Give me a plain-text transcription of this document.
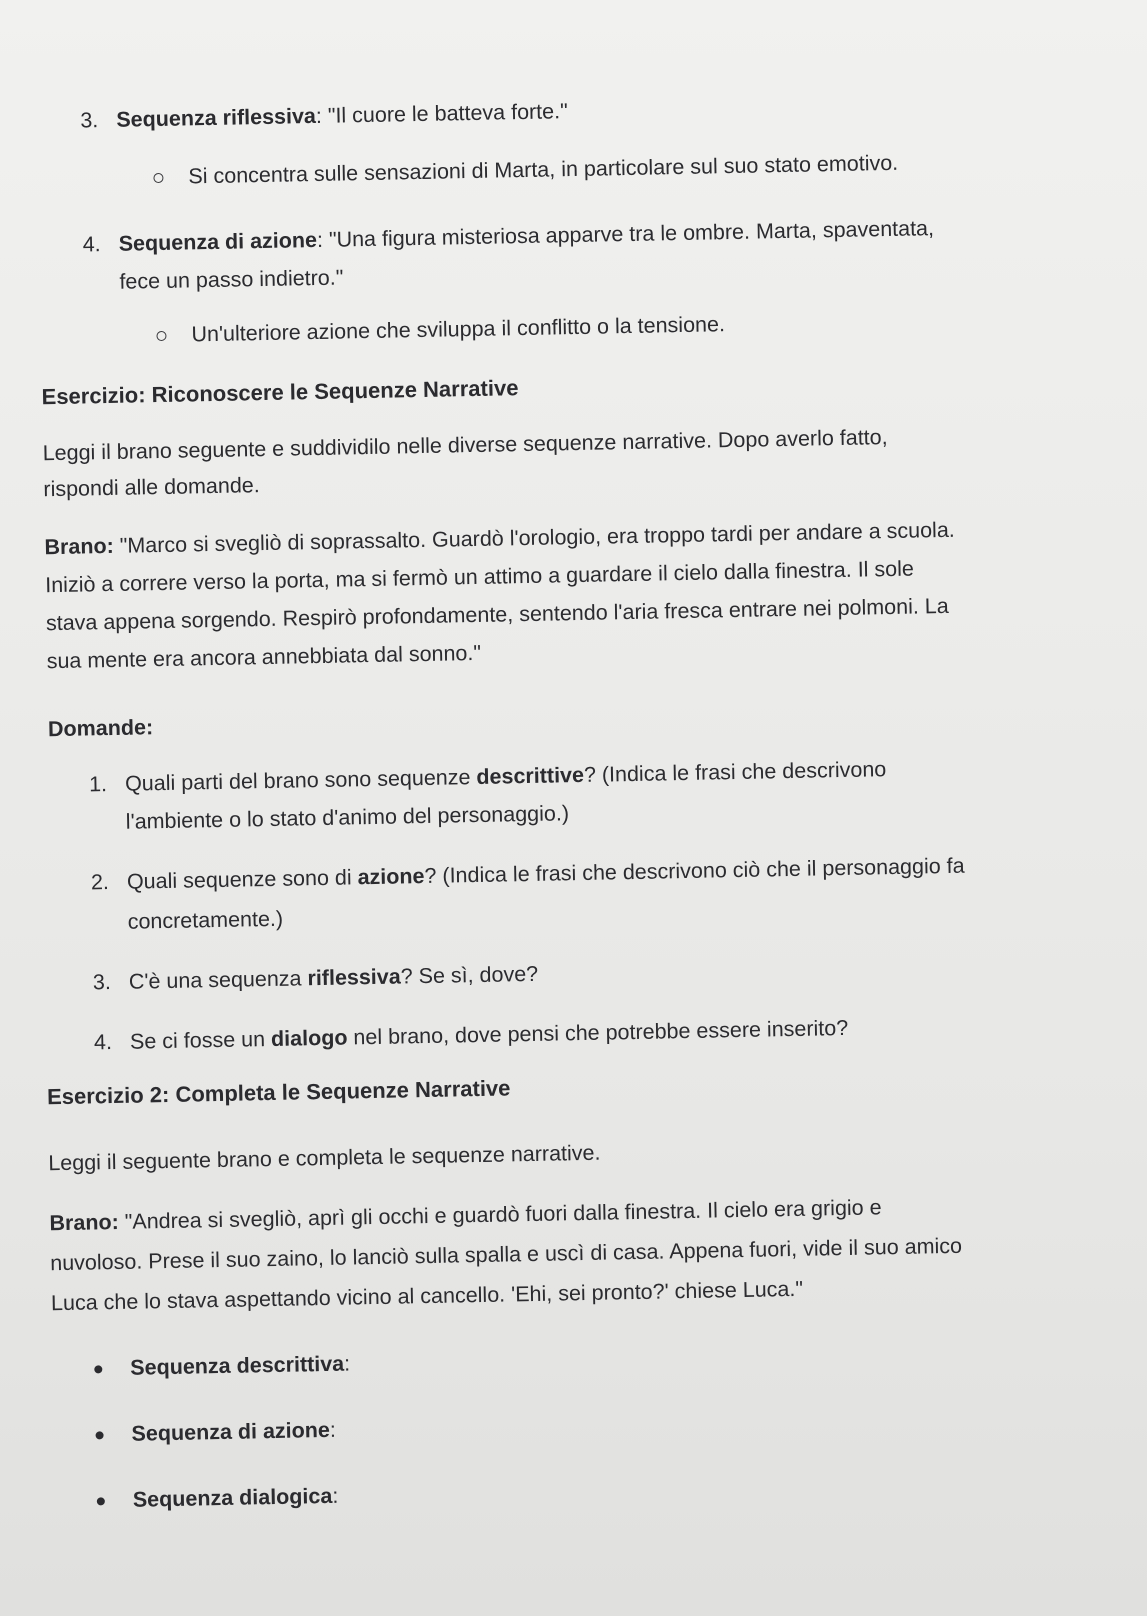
3. Sequenza riflessiva: "Il cuore le batteva forte."
Si concentra sulle sensazioni di Marta, in particolare sul suo stato emotivo.
4. Sequenza di azione: "Una figura misteriosa apparve tra le ombre. Marta, spaventata,
fece un passo indietro."
Un'ulteriore azione che sviluppa il conflitto o la tensione.
Esercizio: Riconoscere le Sequenze Narrative
Leggi il brano seguente e suddividilo nelle diverse sequenze narrative. Dopo averlo fatto,
rispondi alle domande.
Brano: "Marco si svegliò di soprassalto. Guardò l'orologio, era troppo tardi per andare a scuola.
Iniziò a correre verso la porta, ma si fermò un attimo a guardare il cielo dalla finestra. Il sole
stava appena sorgendo. Respirò profondamente, sentendo l'aria fresca entrare nei polmoni. La
sua mente era ancora annebbiata dal sonno."
Domande:
1. Quali parti del brano sono sequenze descrittive? (Indica le frasi che descrivono
l'ambiente o lo stato d'animo del personaggio.)
2. Quali sequenze sono di azione? (Indica le frasi che descrivono ciò che il personaggio fa
concretamente.)
3. C'è una sequenza riflessiva? Se sì, dove?
4. Se ci fosse un dialogo nel brano, dove pensi che potrebbe essere inserito?
Esercizio 2: Completa le Sequenze Narrative
Leggi il seguente brano e completa le sequenze narrative.
Brano: "Andrea si svegliò, aprì gli occhi e guardò fuori dalla finestra. Il cielo era grigio e
nuvoloso. Prese il suo zaino, lo lanciò sulla spalla e uscì di casa. Appena fuori, vide il suo amico
Luca che lo stava aspettando vicino al cancello. 'Ehi, sei pronto?' chiese Luca."
Sequenza descrittiva:
Sequenza di azione:
Sequenza dialogica:
